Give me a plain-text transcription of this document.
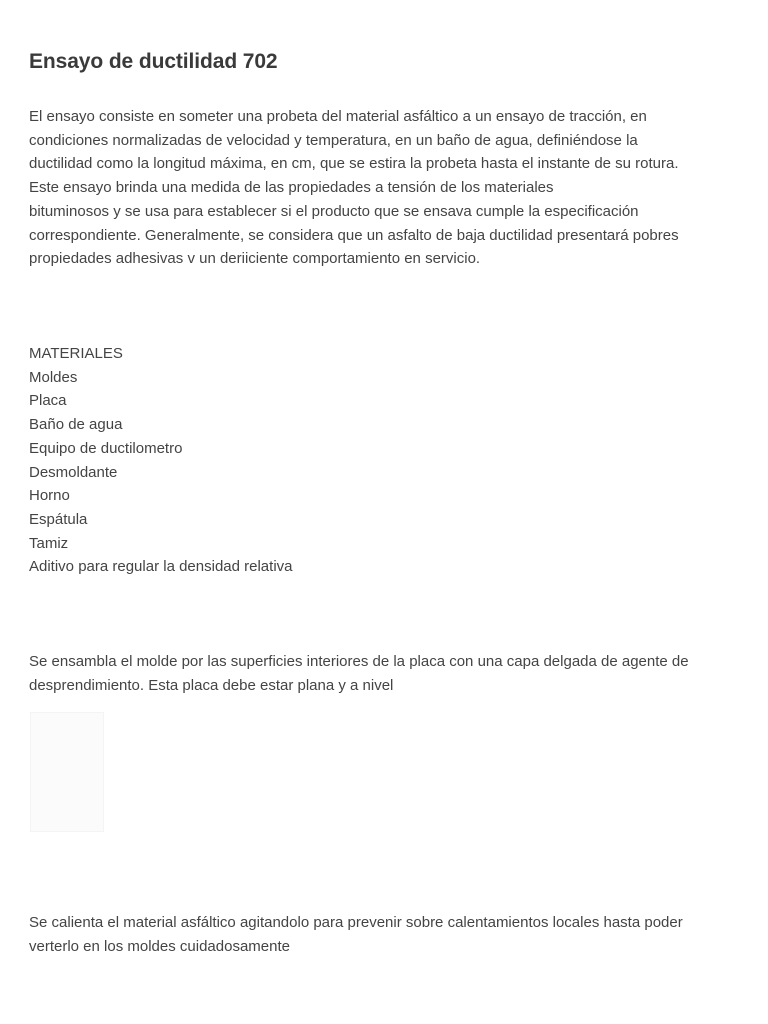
Ensayo de ductilidad 702

El ensayo consiste en someter una probeta del material asfáltico a un ensayo de tracción, en
condiciones normalizadas de velocidad y temperatura, en un baño de agua, definiéndose la
ductilidad como la longitud máxima, en cm, que se estira la probeta hasta el instante de su rotura.
Este ensayo brinda una medida de las propiedades a tensión de los materiales
bituminosos y se usa para establecer si el producto que se ensava cumple la especificación
correspondiente. Generalmente, se considera que un asfalto de baja ductilidad presentará pobres
propiedades adhesivas v un deriiciente comportamiento en servicio.

MATERIALES
Moldes
Placa
Baño de agua
Equipo de ductilometro
Desmoldante
Horno
Espátula
Tamiz
Aditivo para regular la densidad relativa

Se ensambla el molde por las superficies interiores de la placa con una capa delgada de agente de
desprendimiento. Esta placa debe estar plana y a nivel

Se calienta el material asfáltico agitandolo para prevenir sobre calentamientos locales hasta poder
verterlo en los moldes cuidadosamente
